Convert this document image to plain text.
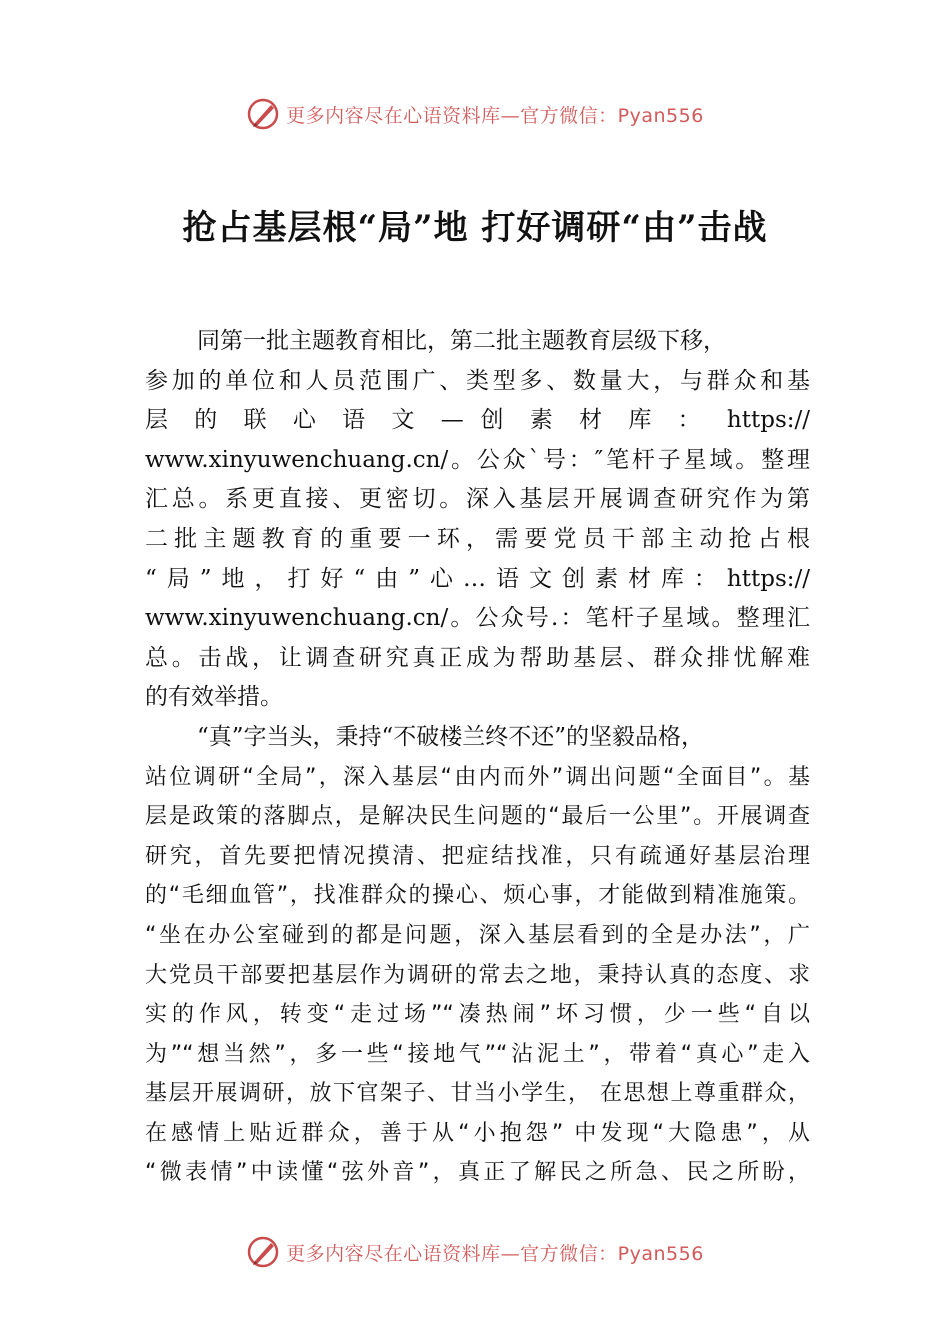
更多内容尽在心语资料库—官方微信：Pyan556
抢占基层根“局”地 打好调研“由”击战
同第一批主题教育相比，第二批主题教育层级下移，
参加的单位和人员范围广、类型多、数量大，与群众和基
层 的 联 心 语 文 — 创 素 材 库 ： https://
www.xinyuwenchuang.cn/。公众`号：″笔杆子星域。整理
汇总。系更直接、更密切。深入基层开展调查研究作为第
二批主题教育的重要一环，需要党员干部主动抢占根
“局”地，打好“由”心…语文创素材库：https://
www.xinyuwenchuang.cn/。公众号.：笔杆子星域。整理汇
总。击战，让调查研究真正成为帮助基层、群众排忧解难
的有效举措。
“真”字当头，秉持“不破楼兰终不还”的坚毅品格，
站位调研“全局”，深入基层“由内而外”调出问题“全面目”。基
层是政策的落脚点，是解决民生问题的“最后一公里”。开展调查
研究，首先要把情况摸清、把症结找准，只有疏通好基层治理
的“毛细血管”，找准群众的操心、烦心事，才能做到精准施策。
“坐在办公室碰到的都是问题，深入基层看到的全是办法”，广
大党员干部要把基层作为调研的常去之地，秉持认真的态度、求
实的作风，转变“走过场”“凑热闹”坏习惯，少一些“自以
为”“想当然”，多一些“接地气”“沾泥土”，带着“真心”走入
基层开展调研，放下官架子、甘当小学生， 在思想上尊重群众，
在感情上贴近群众，善于从“小抱怨” 中发现“大隐患”，从
“微表情”中读懂“弦外音”，真正了解民之所急、民之所盼，
更多内容尽在心语资料库—官方微信：Pyan556
